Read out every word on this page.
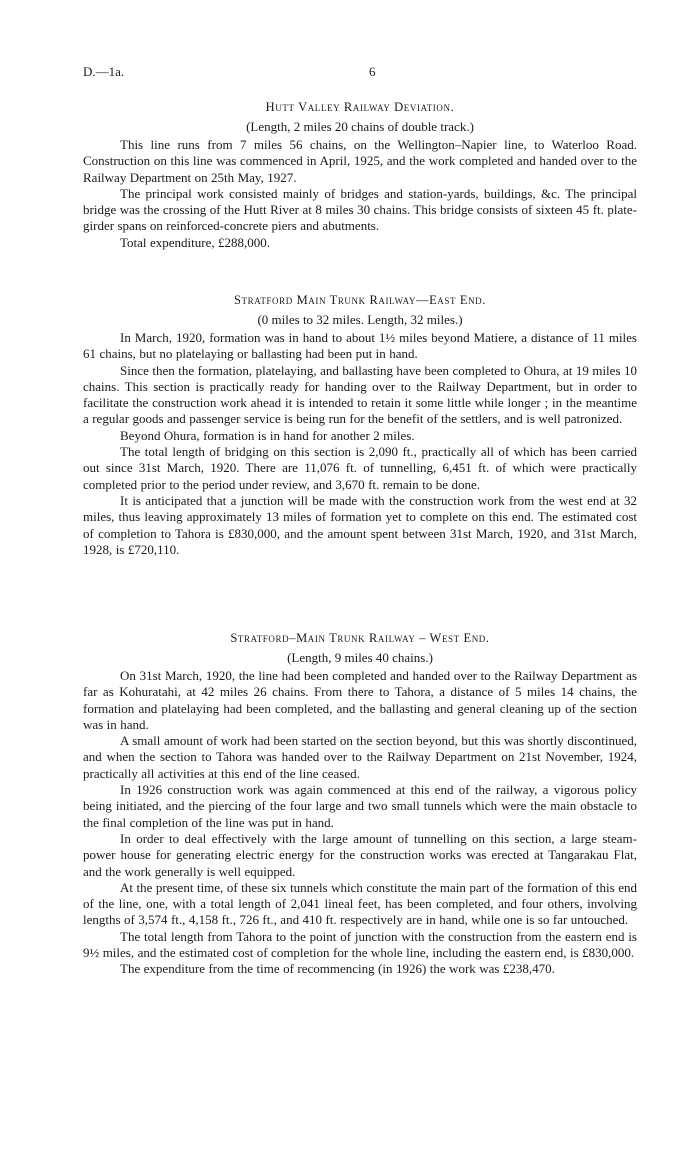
D.—1a.	6

Hutt Valley Railway Deviation.

(Length, 2 miles 20 chains of double track.)

This line runs from 7 miles 56 chains, on the Wellington–Napier line, to Waterloo Road. Construction on this line was commenced in April, 1925, and the work completed and handed over to the Railway Department on 25th May, 1927.

The principal work consisted mainly of bridges and station-yards, buildings, &c. The principal bridge was the crossing of the Hutt River at 8 miles 30 chains. This bridge consists of sixteen 45 ft. plate-girder spans on reinforced-concrete piers and abutments.

Total expenditure, £288,000.

Stratford Main Trunk Railway—East End.

(0 miles to 32 miles. Length, 32 miles.)

In March, 1920, formation was in hand to about 1½ miles beyond Matiere, a distance of 11 miles 61 chains, but no platelaying or ballasting had been put in hand.

Since then the formation, platelaying, and ballasting have been completed to Ohura, at 19 miles 10 chains. This section is practically ready for handing over to the Railway Department, but in order to facilitate the construction work ahead it is intended to retain it some little while longer ; in the meantime a regular goods and passenger service is being run for the benefit of the settlers, and is well patronized.

Beyond Ohura, formation is in hand for another 2 miles.

The total length of bridging on this section is 2,090 ft., practically all of which has been carried out since 31st March, 1920. There are 11,076 ft. of tunnelling, 6,451 ft. of which were practically completed prior to the period under review, and 3,670 ft. remain to be done.

It is anticipated that a junction will be made with the construction work from the west end at 32 miles, thus leaving approximately 13 miles of formation yet to complete on this end. The estimated cost of completion to Tahora is £830,000, and the amount spent between 31st March, 1920, and 31st March, 1928, is £720,110.

Stratford–Main Trunk Railway – West End.

(Length, 9 miles 40 chains.)

On 31st March, 1920, the line had been completed and handed over to the Railway Department as far as Kohuratahi, at 42 miles 26 chains. From there to Tahora, a distance of 5 miles 14 chains, the formation and platelaying had been completed, and the ballasting and general cleaning up of the section was in hand.

A small amount of work had been started on the section beyond, but this was shortly discontinued, and when the section to Tahora was handed over to the Railway Department on 21st November, 1924, practically all activities at this end of the line ceased.

In 1926 construction work was again commenced at this end of the railway, a vigorous policy being initiated, and the piercing of the four large and two small tunnels which were the main obstacle to the final completion of the line was put in hand.

In order to deal effectively with the large amount of tunnelling on this section, a large steam-power house for generating electric energy for the construction works was erected at Tangarakau Flat, and the work generally is well equipped.

At the present time, of these six tunnels which constitute the main part of the formation of this end of the line, one, with a total length of 2,041 lineal feet, has been completed, and four others, involving lengths of 3,574 ft., 4,158 ft., 726 ft., and 410 ft. respectively are in hand, while one is so far untouched.

The total length from Tahora to the point of junction with the construction from the eastern end is 9½ miles, and the estimated cost of completion for the whole line, including the eastern end, is £830,000.

The expenditure from the time of recommencing (in 1926) the work was £238,470.
